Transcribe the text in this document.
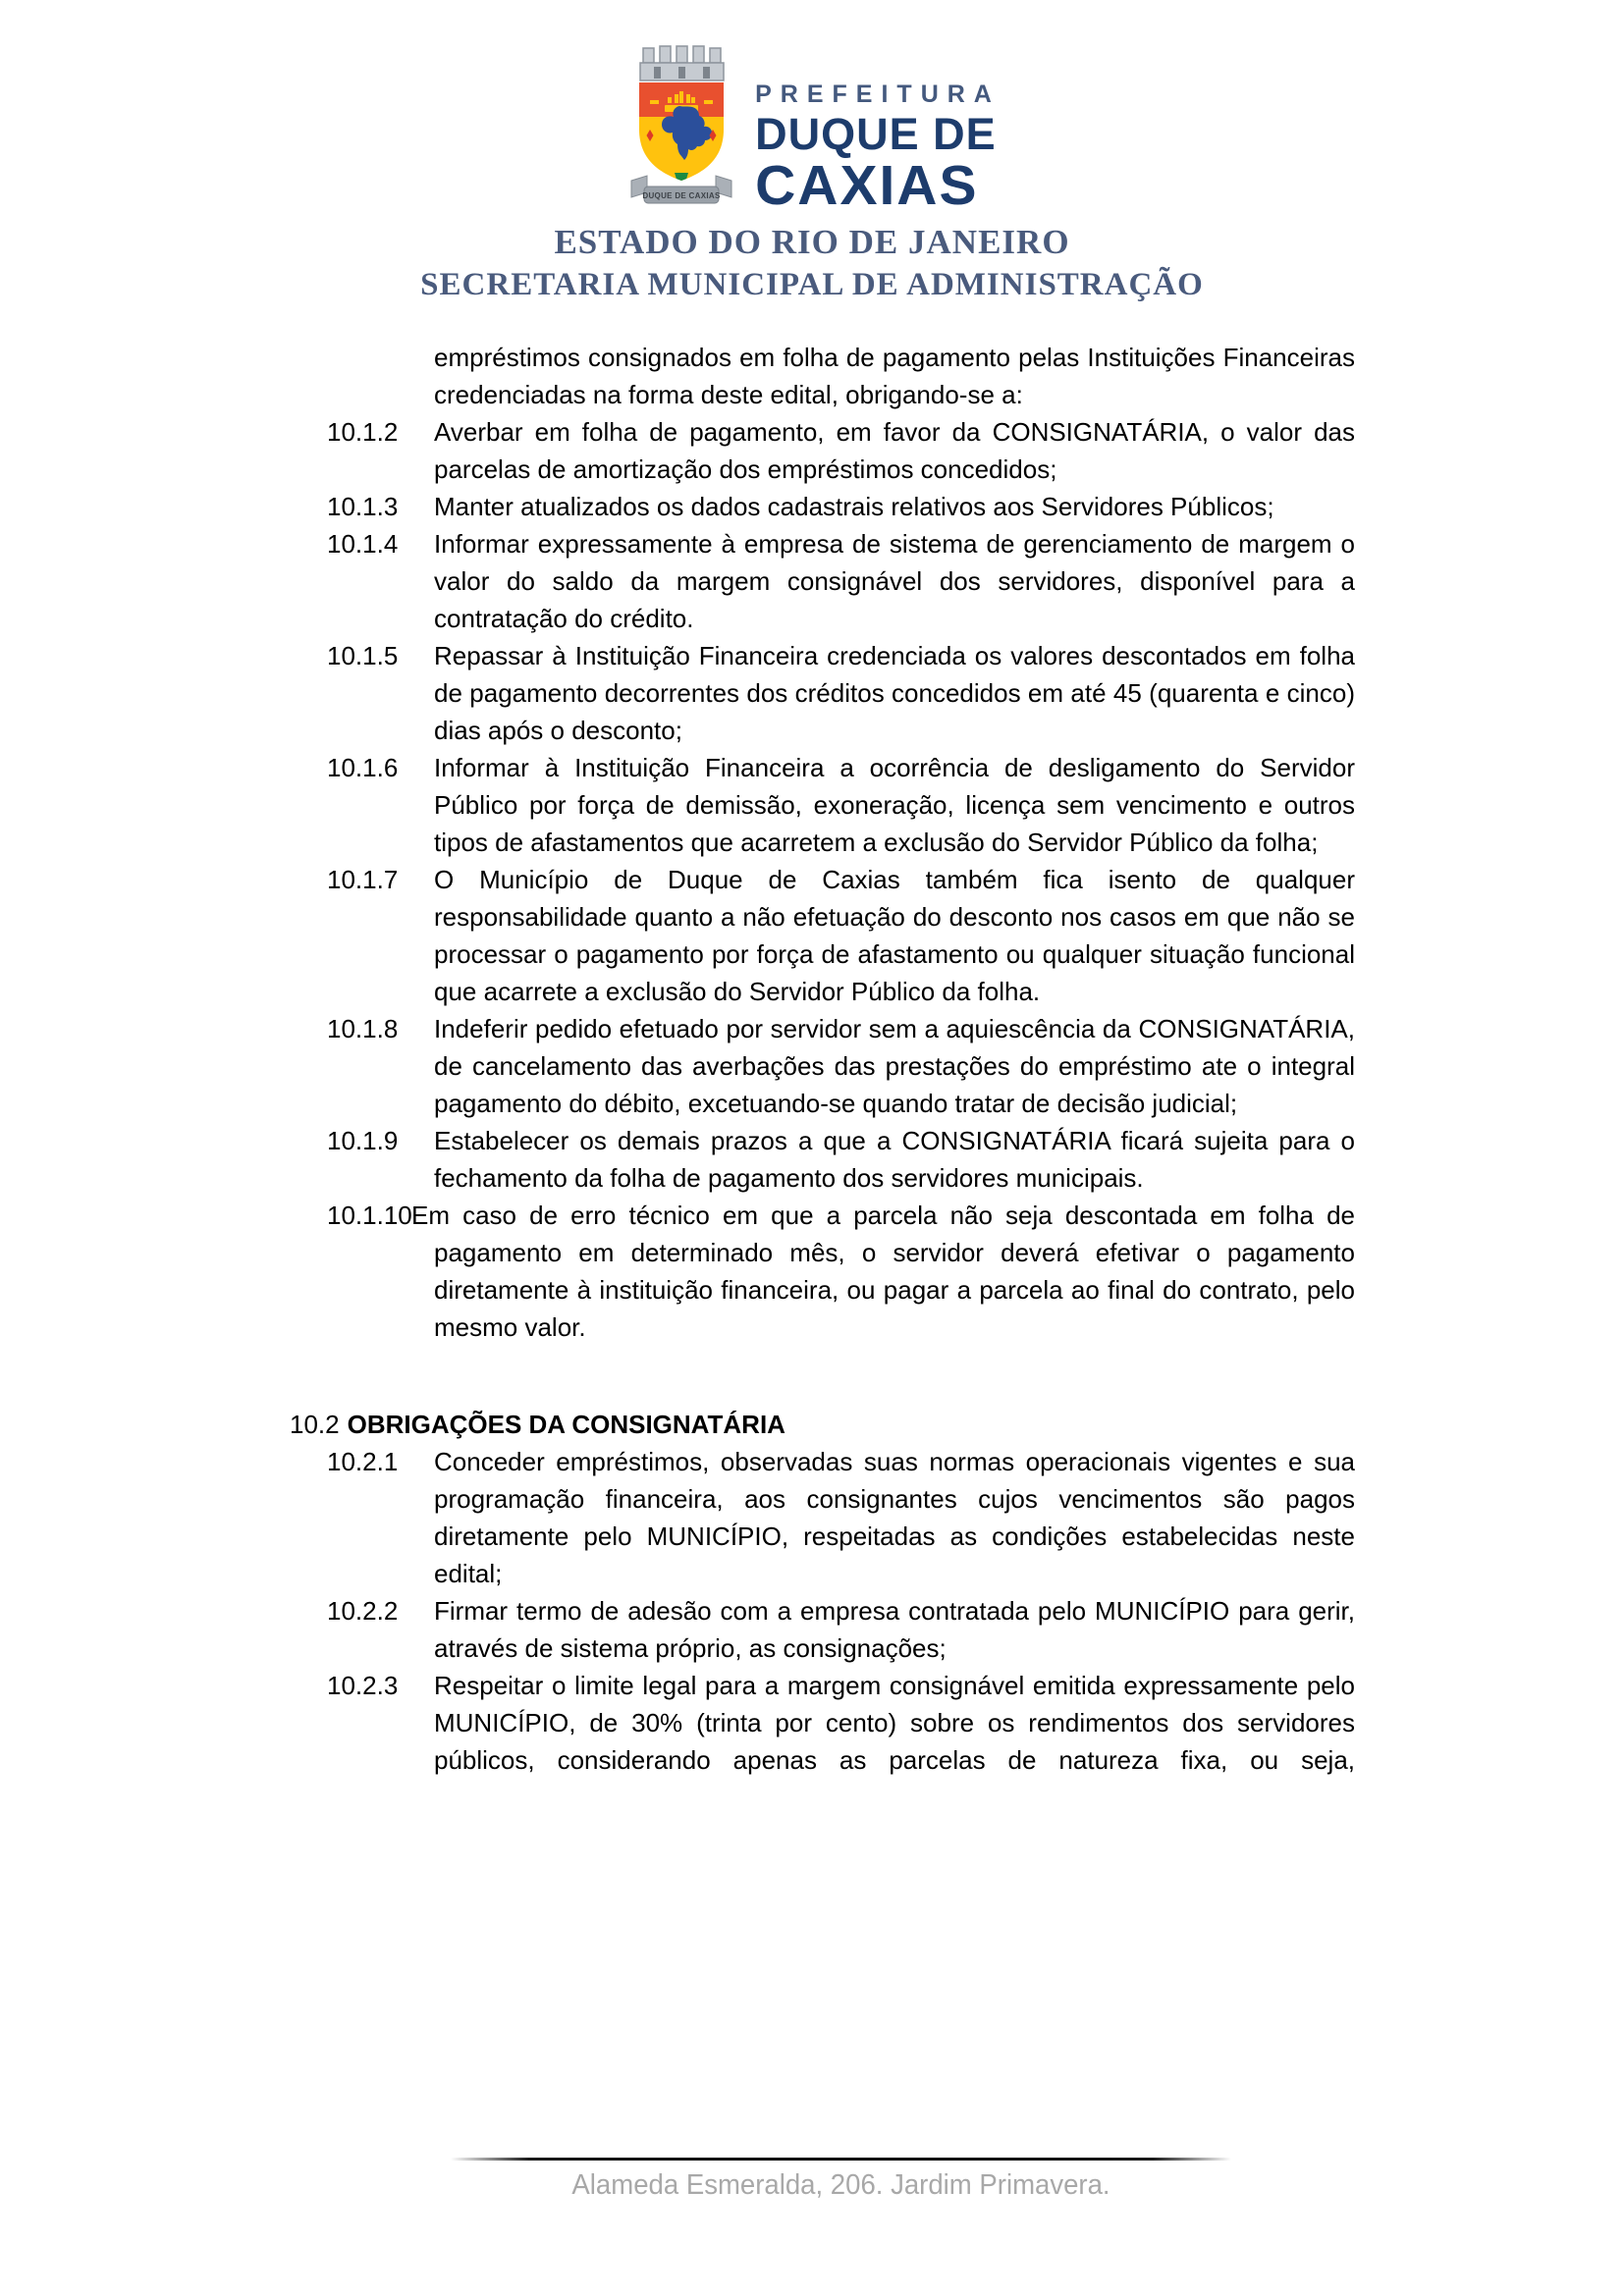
DUQUE DE CAXIAS
PREFEITURA
DUQUE DE
CAXIAS
ESTADO DO RIO DE JANEIRO
SECRETARIA MUNICIPAL DE ADMINISTRAÇÃO

empréstimos consignados em folha de pagamento pelas Instituições Financeiras credenciadas na forma deste edital, obrigando-se a:

10.1.2 Averbar em folha de pagamento, em favor da CONSIGNATÁRIA, o valor das parcelas de amortização dos empréstimos concedidos;

10.1.3 Manter atualizados os dados cadastrais relativos aos Servidores Públicos;

10.1.4 Informar expressamente à empresa de sistema de gerenciamento de margem o valor do saldo da margem consignável dos servidores, disponível para a contratação do crédito.

10.1.5 Repassar à Instituição Financeira credenciada os valores descontados em folha de pagamento decorrentes dos créditos concedidos em até 45 (quarenta e cinco) dias após o desconto;

10.1.6 Informar à Instituição Financeira a ocorrência de desligamento do Servidor Público por força de demissão, exoneração, licença sem vencimento e outros tipos de afastamentos que acarretem a exclusão do Servidor Público da folha;

10.1.7 O Município de Duque de Caxias também fica isento de qualquer responsabilidade quanto a não efetuação do desconto nos casos em que não se processar o pagamento por força de afastamento ou qualquer situação funcional que acarrete a exclusão do Servidor Público da folha.

10.1.8 Indeferir pedido efetuado por servidor sem a aquiescência da CONSIGNATÁRIA, de cancelamento das averbações das prestações do empréstimo ate o integral pagamento do débito, excetuando-se quando tratar de decisão judicial;

10.1.9 Estabelecer os demais prazos a que a CONSIGNATÁRIA ficará sujeita para o fechamento da folha de pagamento dos servidores municipais.

10.1.10Em caso de erro técnico em que a parcela não seja descontada em folha de pagamento em determinado mês, o servidor deverá efetivar o pagamento diretamente à instituição financeira, ou pagar a parcela ao final do contrato, pelo mesmo valor.

10.2 OBRIGAÇÕES DA CONSIGNATÁRIA

10.2.1 Conceder empréstimos, observadas suas normas operacionais vigentes e sua programação financeira, aos consignantes cujos vencimentos são pagos diretamente pelo MUNICÍPIO, respeitadas as condições estabelecidas neste edital;

10.2.2 Firmar termo de adesão com a empresa contratada pelo MUNICÍPIO para gerir, através de sistema próprio, as consignações;

10.2.3 Respeitar o limite legal para a margem consignável emitida expressamente pelo MUNICÍPIO, de 30% (trinta por cento) sobre os rendimentos dos servidores públicos, considerando apenas as parcelas de natureza fixa, ou seja,

Alameda Esmeralda, 206. Jardim Primavera.
